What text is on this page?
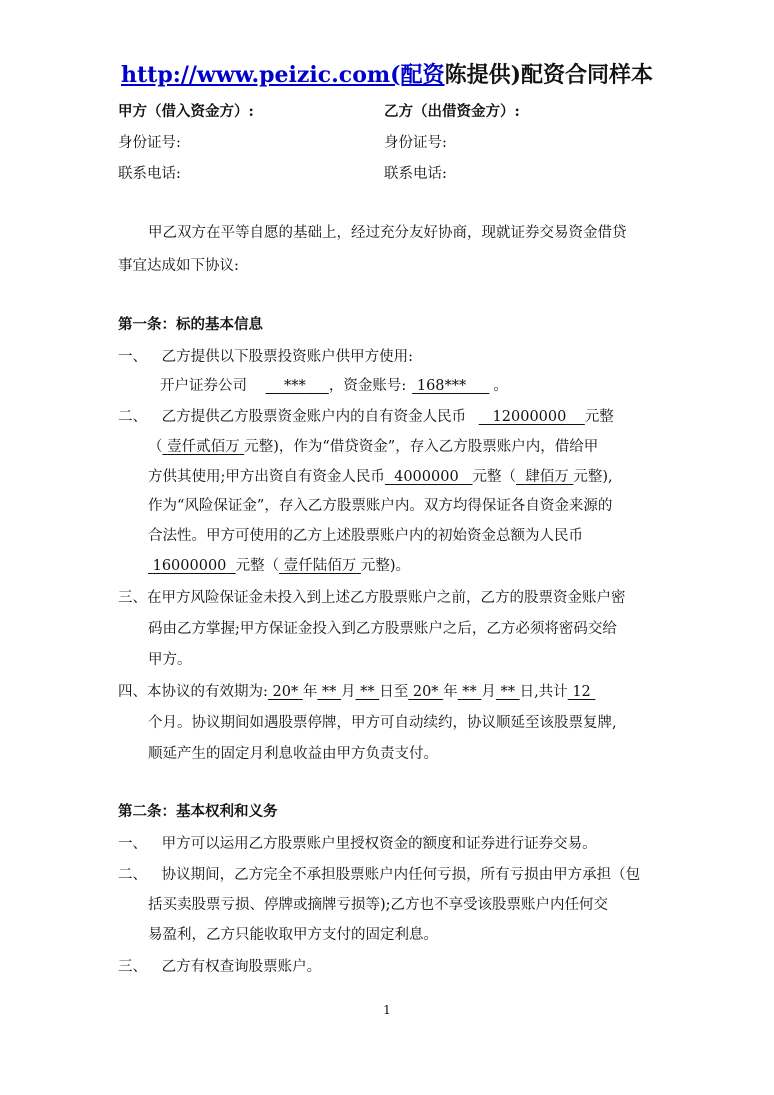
http://www.peizic.com(配资陈提供)配资合同样本
甲方（借入资金方）:	乙方（出借资金方）:
身份证号:	身份证号:
联系电话:	联系电话:
甲乙双方在平等自愿的基础上，经过充分友好协商，现就证券交易资金借贷
事宜达成如下协议:
第一条：标的基本信息
一、 乙方提供以下股票投资账户供甲方使用:
开户证券公司	*** ，资金账号: 168*** 。
二、 乙方提供乙方股票资金账户内的自有资金人民币 12000000 元整
（ 壹仟贰佰万 元整)，作为“借贷资金”，存入乙方股票账户内，借给甲
方供其使用;甲方出资自有资金人民币 4000000 元整（ 肆佰万 元整),
作为“风险保证金”，存入乙方股票账户内。双方均得保证各自资金来源的
合法性。甲方可使用的乙方上述股票账户内的初始资金总额为人民币
16000000 元整（ 壹仟陆佰万 元整)。
三、在甲方风险保证金未投入到上述乙方股票账户之前，乙方的股票资金账户密
码由乙方掌握;甲方保证金投入到乙方股票账户之后，乙方必须将密码交给
甲方。
四、本协议的有效期为: 20* 年 ** 月 ** 日至 20* 年 ** 月 ** 日,共计 12
个月。协议期间如遇股票停牌，甲方可自动续约，协议顺延至该股票复牌,
顺延产生的固定月利息收益由甲方负责支付。
第二条：基本权利和义务
一、 甲方可以运用乙方股票账户里授权资金的额度和证券进行证券交易。
二、 协议期间，乙方完全不承担股票账户内任何亏损，所有亏损由甲方承担（包
括买卖股票亏损、停牌或摘牌亏损等);乙方也不享受该股票账户内任何交
易盈利，乙方只能收取甲方支付的固定利息。
三、 乙方有权查询股票账户。
1
